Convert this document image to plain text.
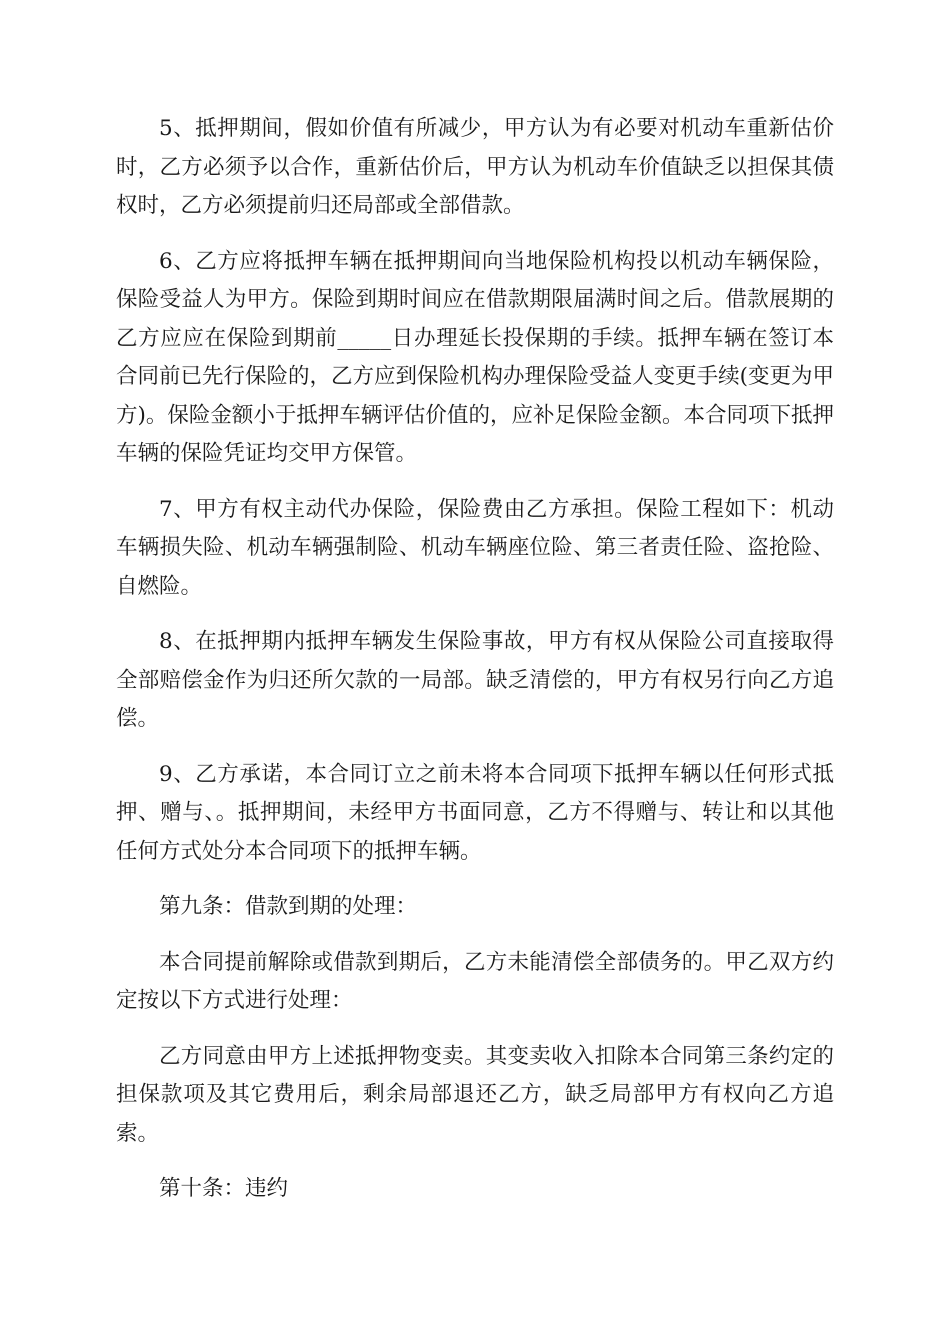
5、抵押期间，假如价值有所减少，甲方认为有必要对机动车重新估价时，乙方必须予以合作，重新估价后，甲方认为机动车价值缺乏以担保其债权时，乙方必须提前归还局部或全部借款。

6、乙方应将抵押车辆在抵押期间向当地保险机构投以机动车辆保险，保险受益人为甲方。保险到期时间应在借款期限届满时间之后。借款展期的乙方应应在保险到期前_____日办理延长投保期的手续。抵押车辆在签订本合同前已先行保险的，乙方应到保险机构办理保险受益人变更手续(变更为甲方)。保险金额小于抵押车辆评估价值的，应补足保险金额。本合同项下抵押车辆的保险凭证均交甲方保管。

7、甲方有权主动代办保险，保险费由乙方承担。保险工程如下：机动车辆损失险、机动车辆强制险、机动车辆座位险、第三者责任险、盗抢险、自燃险。

8、在抵押期内抵押车辆发生保险事故，甲方有权从保险公司直接取得全部赔偿金作为归还所欠款的一局部。缺乏清偿的，甲方有权另行向乙方追偿。

9、乙方承诺，本合同订立之前未将本合同项下抵押车辆以任何形式抵押、赠与、。抵押期间，未经甲方书面同意，乙方不得赠与、转让和以其他任何方式处分本合同项下的抵押车辆。

第九条：借款到期的处理：

本合同提前解除或借款到期后，乙方未能清偿全部债务的。甲乙双方约定按以下方式进行处理：

乙方同意由甲方上述抵押物变卖。其变卖收入扣除本合同第三条约定的担保款项及其它费用后，剩余局部退还乙方，缺乏局部甲方有权向乙方追索。

第十条：违约
